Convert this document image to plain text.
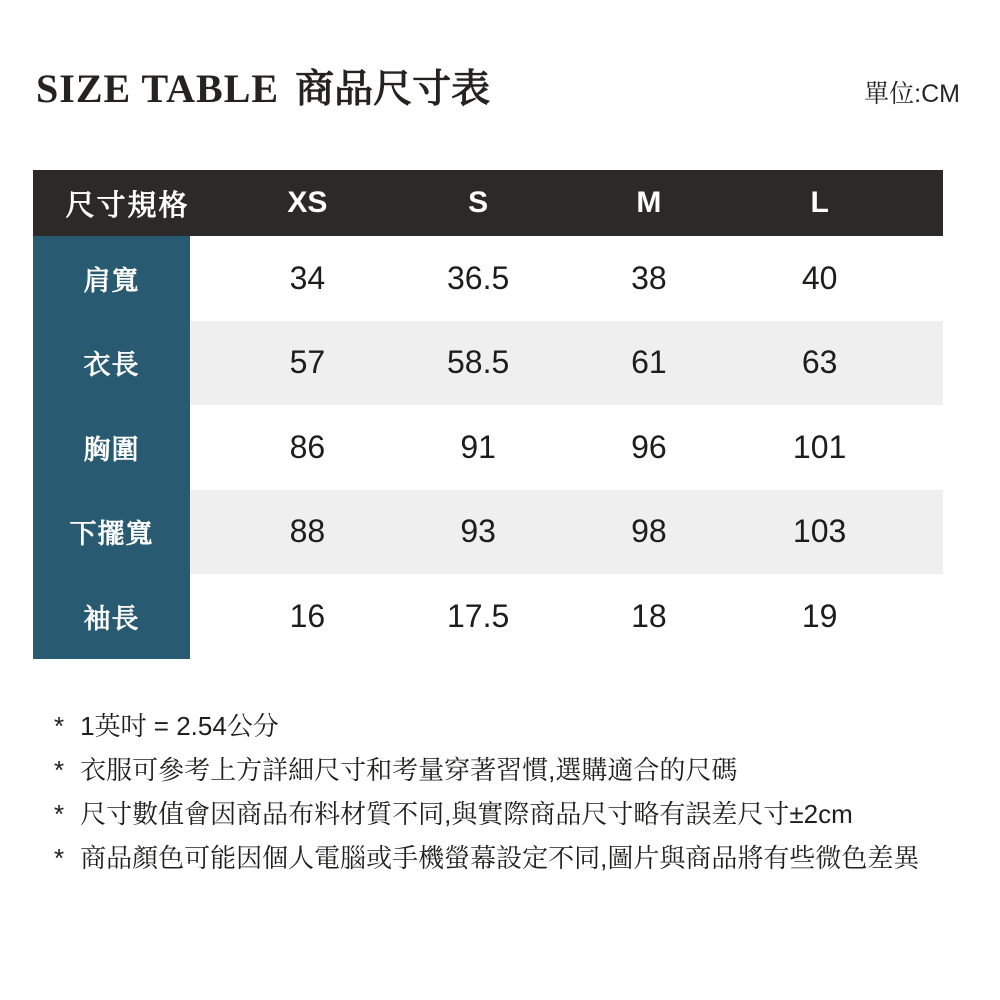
SIZE TABLE 商品尺寸表	單位:CM
尺寸規格	XS	S	M	L
肩寬	34	36.5	38	40
衣長	57	58.5	61	63
胸圍	86	91	96	101
下擺寬	88	93	98	103
袖長	16	17.5	18	19
* 1英吋 = 2.54公分
* 衣服可參考上方詳細尺寸和考量穿著習慣,選購適合的尺碼
* 尺寸數值會因商品布料材質不同,與實際商品尺寸略有誤差尺寸±2cm
* 商品顏色可能因個人電腦或手機螢幕設定不同,圖片與商品將有些微色差異
